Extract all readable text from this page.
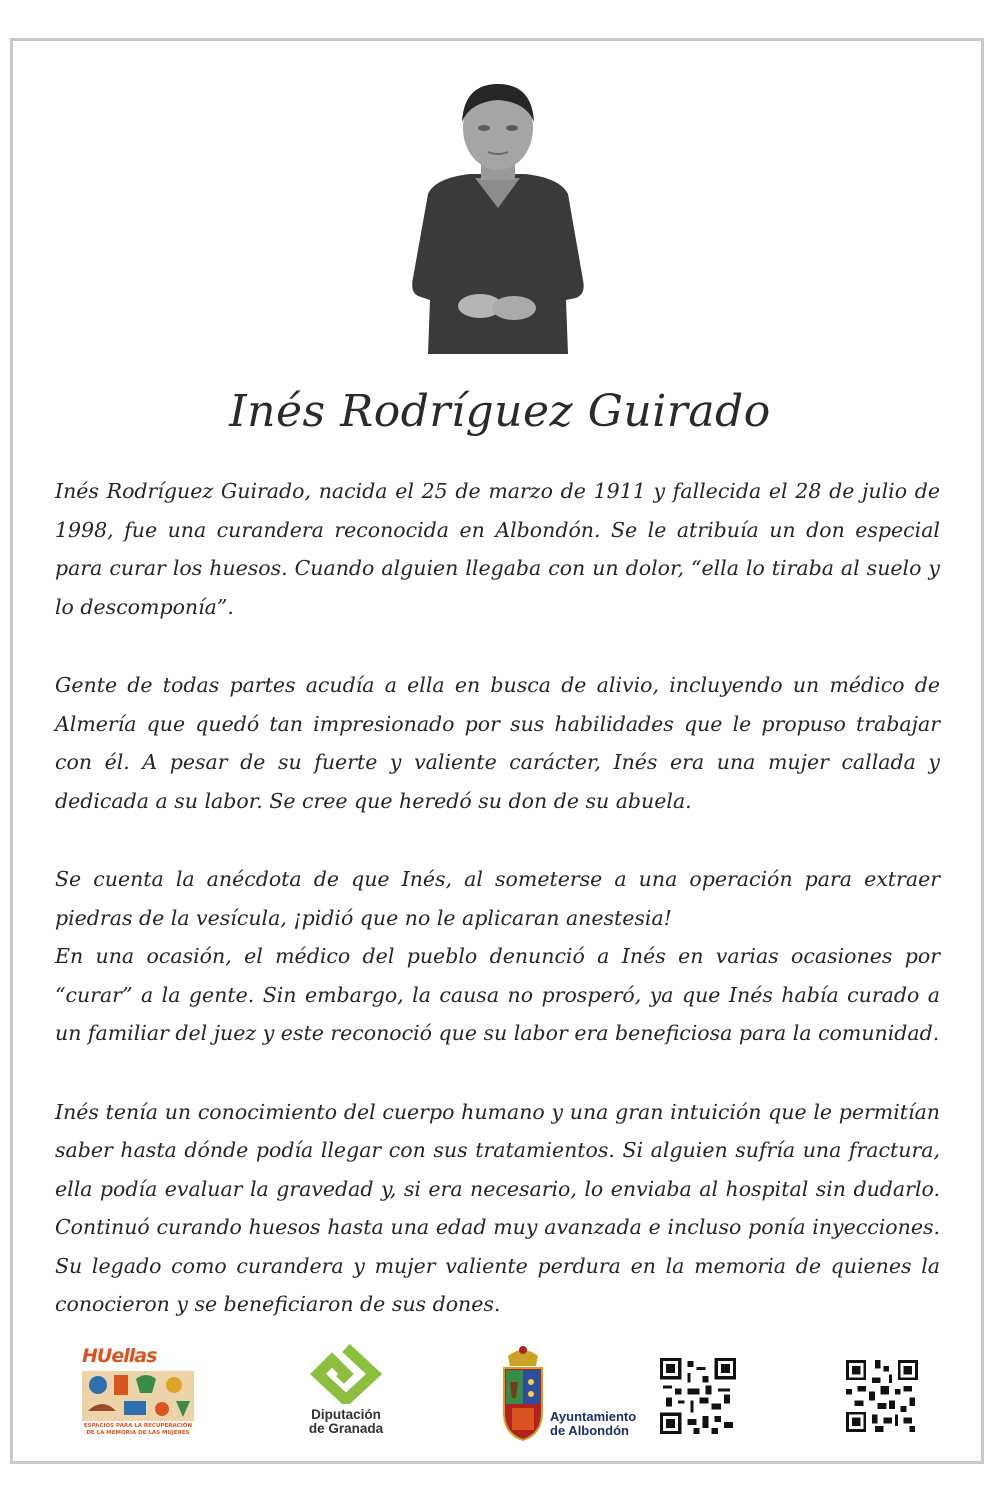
Inés Rodríguez Guirado

Inés Rodríguez Guirado, nacida el 25 de marzo de 1911 y fallecida el 28 de julio de 1998, fue una curandera reconocida en Albondón. Se le atribuía un don especial para curar los huesos. Cuando alguien llegaba con un dolor, “ella lo tiraba al suelo y lo descomponía”.

Gente de todas partes acudía a ella en busca de alivio, incluyendo un médico de Almería que quedó tan impresionado por sus habilidades que le propuso trabajar con él. A pesar de su fuerte y valiente carácter, Inés era una mujer callada y dedicada a su labor. Se cree que heredó su don de su abuela.

Se cuenta la anécdota de que Inés, al someterse a una operación para extraer piedras de la vesícula, ¡pidió que no le aplicaran anestesia!

En una ocasión, el médico del pueblo denunció a Inés en varias ocasiones por “curar” a la gente. Sin embargo, la causa no prosperó, ya que Inés había curado a un familiar del juez y este reconoció que su labor era beneficiosa para la comunidad.

Inés tenía un conocimiento del cuerpo humano y una gran intuición que le permitían saber hasta dónde podía llegar con sus tratamientos. Si alguien sufría una fractura, ella podía evaluar la gravedad y, si era necesario, lo enviaba al hospital sin dudarlo. Continuó curando huesos hasta una edad muy avanzada e incluso ponía inyecciones. Su legado como curandera y mujer valiente perdura en la memoria de quienes la conocieron y se beneficiaron de sus dones.

HUellas
ESPACIOS PARA LA RECUPERACIÓN DE LA MEMORIA DE LAS MUJERES
Diputación
de Granada
Ayuntamiento
de Albondón
